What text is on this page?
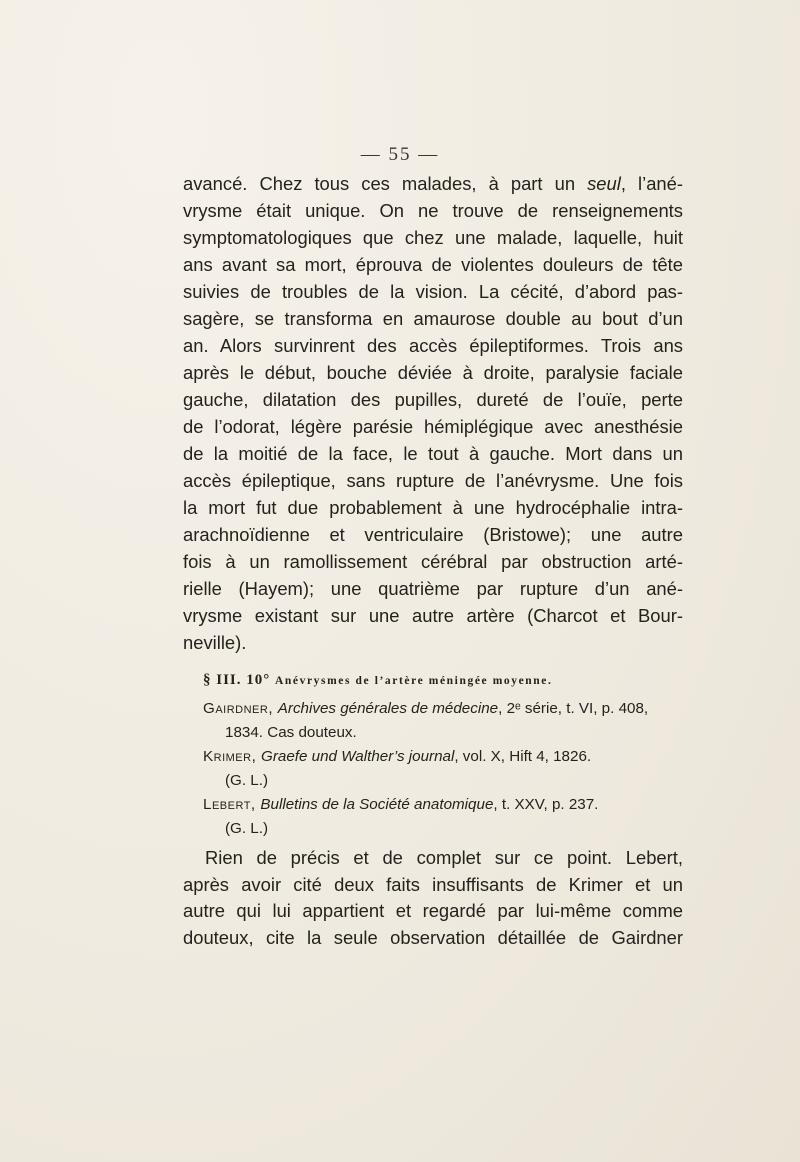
— 55 —
avancé. Chez tous ces malades, à part un seul, l’ané-
vrysme était unique. On ne trouve de renseignements
symptomatologiques que chez une malade, laquelle, huit
ans avant sa mort, éprouva de violentes douleurs de tête
suivies de troubles de la vision. La cécité, d’abord pas-
sagère, se transforma en amaurose double au bout d’un
an. Alors survinrent des accès épileptiformes. Trois ans
après le début, bouche déviée à droite, paralysie faciale
gauche, dilatation des pupilles, dureté de l’ouïe, perte
de l’odorat, légère parésie hémiplégique avec anesthésie
de la moitié de la face, le tout à gauche. Mort dans un
accès épileptique, sans rupture de l’anévrysme. Une fois
la mort fut due probablement à une hydrocéphalie intra-
arachnoïdienne et ventriculaire (Bristowe); une autre
fois à un ramollissement cérébral par obstruction arté-
rielle (Hayem); une quatrième par rupture d’un ané-
vrysme existant sur une autre artère (Charcot et Bour-
neville).
§ III. 10° Anévrysmes de l’artère méningée moyenne.
Gairdner, Archives générales de médecine, 2ᵉ série, t. VI, p. 408,
1834. Cas douteux.
Krimer, Graefe und Walther’s journal, vol. X, Hift 4, 1826.
(G. L.)
Lebert, Bulletins de la Société anatomique, t. XXV, p. 237.
(G. L.)
Rien de précis et de complet sur ce point. Lebert,
après avoir cité deux faits insuffisants de Krimer et un
autre qui lui appartient et regardé par lui-même comme
douteux, cite la seule observation détaillée de Gairdner
